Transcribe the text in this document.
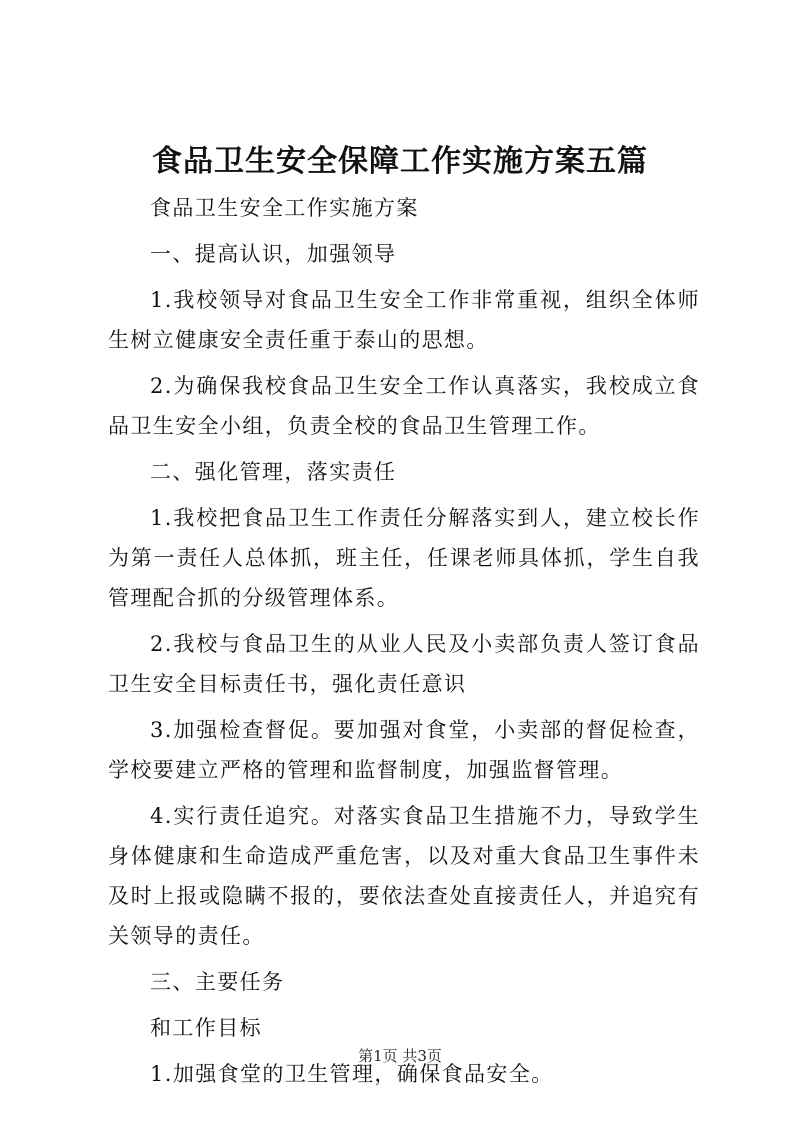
食品卫生安全保障工作实施方案五篇

食品卫生安全工作实施方案

一、提高认识，加强领导

1.我校领导对食品卫生安全工作非常重视，组织全体师生树立健康安全责任重于泰山的思想。

2.为确保我校食品卫生安全工作认真落实，我校成立食品卫生安全小组，负责全校的食品卫生管理工作。

二、强化管理，落实责任

1.我校把食品卫生工作责任分解落实到人，建立校长作为第一责任人总体抓，班主任，任课老师具体抓，学生自我管理配合抓的分级管理体系。

2.我校与食品卫生的从业人民及小卖部负责人签订食品卫生安全目标责任书，强化责任意识

3.加强检查督促。要加强对食堂，小卖部的督促检查，学校要建立严格的管理和监督制度，加强监督管理。

4.实行责任追究。对落实食品卫生措施不力，导致学生身体健康和生命造成严重危害，以及对重大食品卫生事件未及时上报或隐瞒不报的，要依法查处直接责任人，并追究有关领导的责任。

三、主要任务

和工作目标

1.加强食堂的卫生管理，确保食品安全。

第1页 共3页
